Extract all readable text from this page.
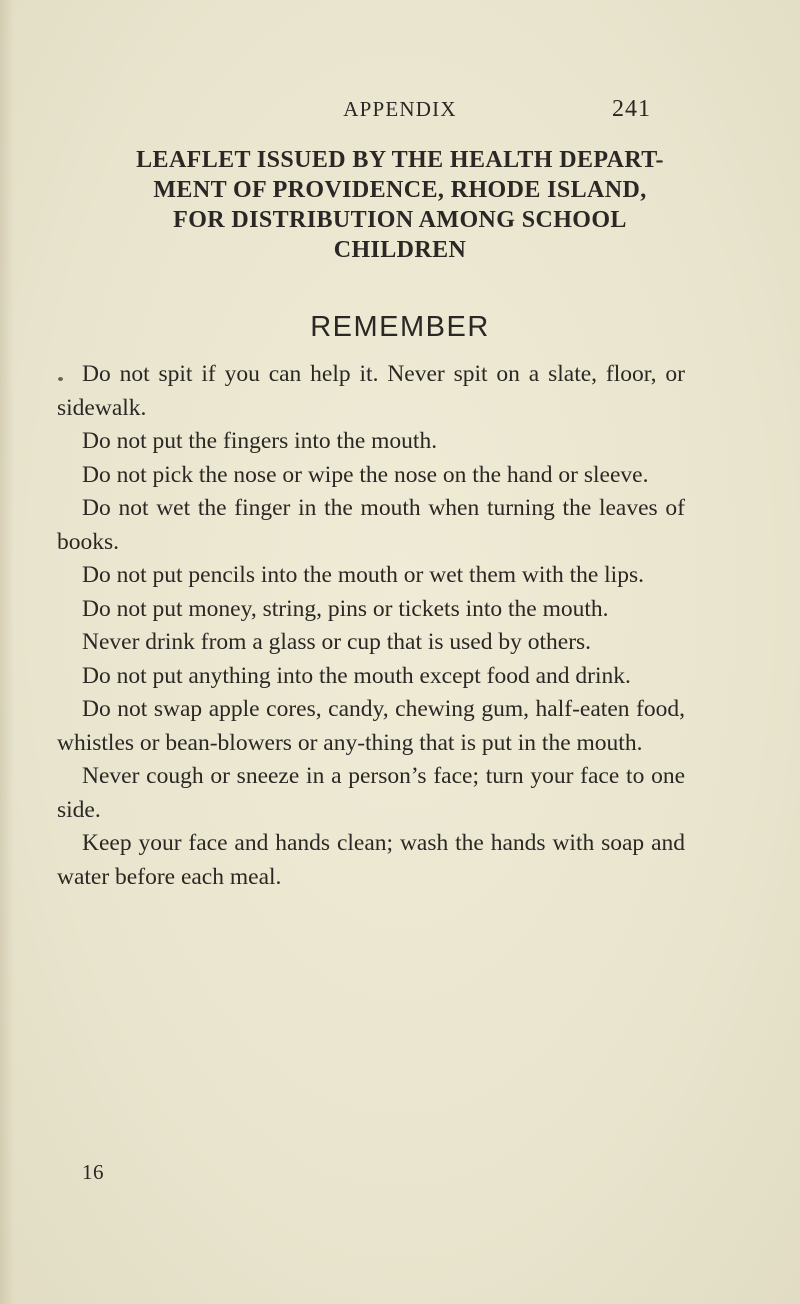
APPENDIX	241
LEAFLET ISSUED BY THE HEALTH DEPART-
MENT OF PROVIDENCE, RHODE ISLAND,
FOR DISTRIBUTION AMONG SCHOOL
CHILDREN
REMEMBER

Do not spit if you can help it. Never spit on a slate, floor, or sidewalk.

Do not put the fingers into the mouth.

Do not pick the nose or wipe the nose on the hand or sleeve.

Do not wet the finger in the mouth when turning the leaves of books.

Do not put pencils into the mouth or wet them with the lips.

Do not put money, string, pins or tickets into the mouth.

Never drink from a glass or cup that is used by others.

Do not put anything into the mouth except food and drink.

Do not swap apple cores, candy, chewing gum, half-eaten food, whistles or bean-blowers or any-thing that is put in the mouth.

Never cough or sneeze in a person’s face; turn your face to one side.

Keep your face and hands clean; wash the hands with soap and water before each meal.

16
